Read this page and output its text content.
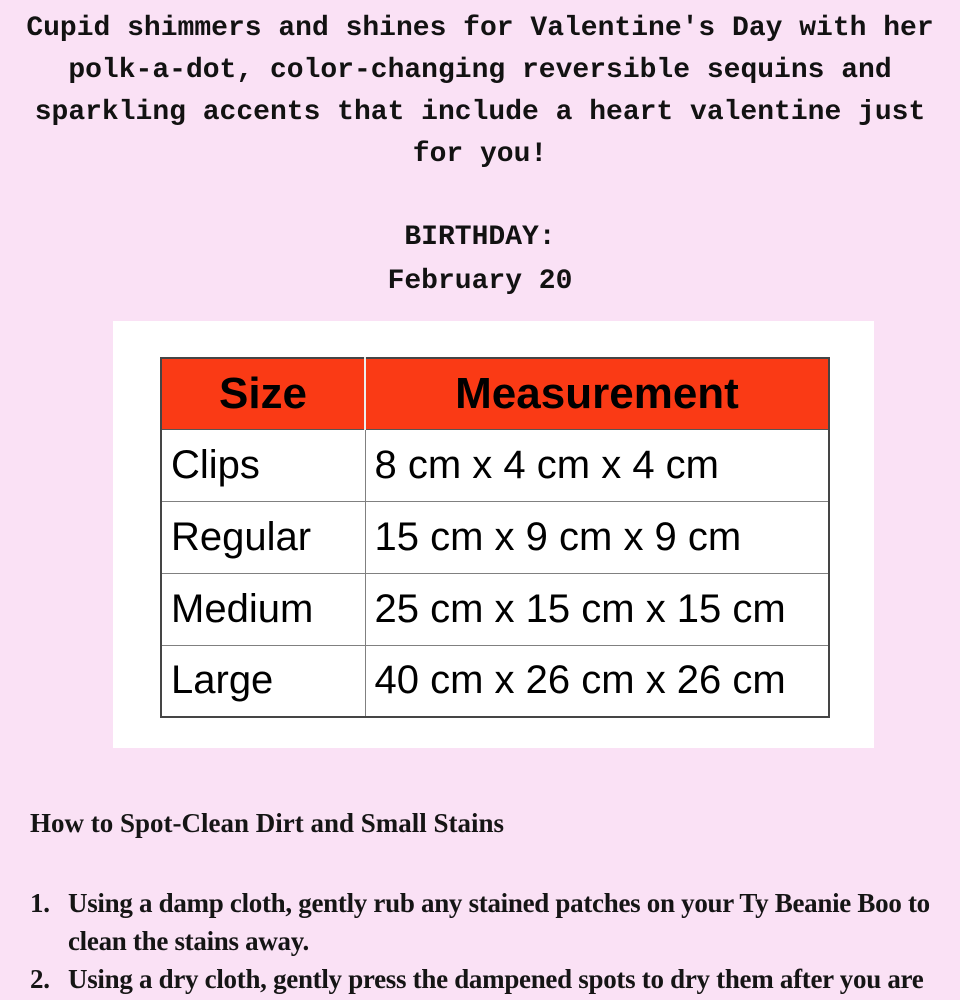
Cupid shimmers and shines for Valentine's Day with her
polk-a-dot, color-changing reversible sequins and
sparkling accents that include a heart valentine just
for you!
BIRTHDAY:
February 20
Size	Measurement
Clips	8 cm x 4 cm x 4 cm
Regular	15 cm x 9 cm x 9 cm
Medium	25 cm x 15 cm x 15 cm
Large	40 cm x 26 cm x 26 cm
How to Spot-Clean Dirt and Small Stains
1. Using a damp cloth, gently rub any stained patches on your Ty Beanie Boo to
clean the stains away.
2. Using a dry cloth, gently press the dampened spots to dry them after you are
